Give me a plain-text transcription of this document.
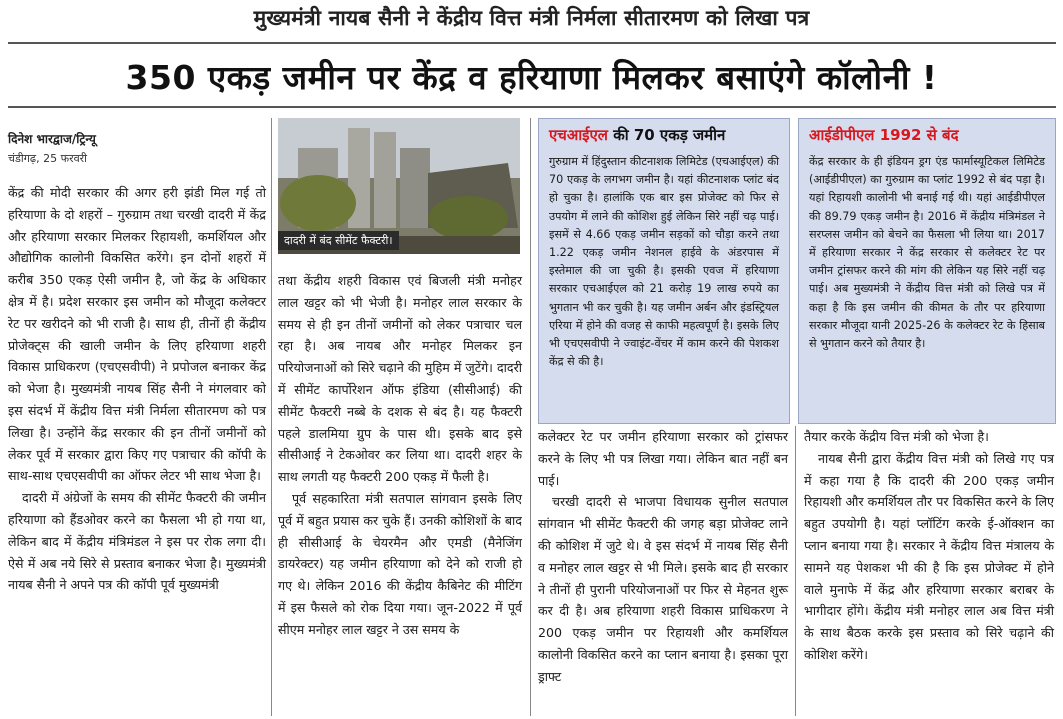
मुख्यमंत्री नायब सैनी ने केंद्रीय वित्त मंत्री निर्मला सीतारमण को लिखा पत्र
350 एकड़ जमीन पर केंद्र व हरियाणा मिलकर बसाएंगे कॉलोनी !
दिनेश भारद्वाज/ट्रिन्यू
चंडीगढ़, 25 फरवरी

केंद्र की मोदी सरकार की अगर हरी झंडी मिल गई तो हरियाणा के दो शहरों – गुरुग्राम तथा चरखी दादरी में केंद्र और हरियाणा सरकार मिलकर रिहायशी, कमर्शियल और औद्योगिक कालोनी विकसित करेंगे। इन दोनों शहरों में करीब 350 एकड़ ऐसी जमीन है, जो केंद्र के अधिकार क्षेत्र में है। प्रदेश सरकार इस जमीन को मौजूदा कलेक्टर रेट पर खरीदने को भी राजी है। साथ ही, तीनों ही केंद्रीय प्रोजेक्ट्स की खाली जमीन के लिए हरियाणा शहरी विकास प्राधिकरण (एचएसवीपी) ने प्रपोजल बनाकर केंद्र को भेजा है। मुख्यमंत्री नायब सिंह सैनी ने मंगलवार को इस संदर्भ में केंद्रीय वित्त मंत्री निर्मला सीतारमण को पत्र लिखा है। उन्होंने केंद्र सरकार की इन तीनों जमीनों को लेकर पूर्व में सरकार द्वारा किए गए पत्राचार की कॉपी के साथ-साथ एचएसवीपी का ऑफर लेटर भी साथ भेजा है।

दादरी में अंग्रेजों के समय की सीमेंट फैक्टरी की जमीन हरियाणा को हैंडओवर करने का फैसला भी हो गया था, लेकिन बाद में केंद्रीय मंत्रिमंडल ने इस पर रोक लगा दी। ऐसे में अब नये सिरे से प्रस्ताव बनाकर भेजा है। मुख्यमंत्री नायब सैनी ने अपने पत्र की कॉपी पूर्व मुख्यमंत्री

दादरी में बंद सीमेंट फैक्टरी।

तथा केंद्रीय शहरी विकास एवं बिजली मंत्री मनोहर लाल खट्टर को भी भेजी है। मनोहर लाल सरकार के समय से ही इन तीनों जमीनों को लेकर पत्राचार चल रहा है। अब नायब और मनोहर मिलकर इन परियोजनाओं को सिरे चढ़ाने की मुहिम में जुटेंगे। दादरी में सीमेंट कार्पोरेशन ऑफ इंडिया (सीसीआई) की सीमेंट फैक्टरी नब्बे के दशक से बंद है। यह फैक्टरी पहले डालमिया ग्रुप के पास थी। इसके बाद इसे सीसीआई ने टेकओवर कर लिया था। दादरी शहर के साथ लगती यह फैक्टरी 200 एकड़ में फैली है।

पूर्व सहकारिता मंत्री सतपाल सांगवान इसके लिए पूर्व में बहुत प्रयास कर चुके हैं। उनकी कोशिशों के बाद ही सीसीआई के चेयरमैन और एमडी (मैनेजिंग डायरेक्टर) यह जमीन हरियाणा को देने को राजी हो गए थे। लेकिन 2016 की केंद्रीय कैबिनेट की मीटिंग में इस फैसले को रोक दिया गया। जून-2022 में पूर्व सीएम मनोहर लाल खट्टर ने उस समय के

एचआईएल की 70 एकड़ जमीन
गुरुग्राम में हिंदुस्तान कीटनाशक लिमिटेड (एचआईएल) की 70 एकड़ के लगभग जमीन है। यहां कीटनाशक प्लांट बंद हो चुका है। हालांकि एक बार इस प्रोजेक्ट को फिर से उपयोग में लाने की कोशिश हुई लेकिन सिरे नहीं चढ़ पाई। इसमें से 4.66 एकड़ जमीन सड़कों को चौड़ा करने तथा 1.22 एकड़ जमीन नेशनल हाईवे के अंडरपास में इस्तेमाल की जा चुकी है। इसकी एवज में हरियाणा सरकार एचआईएल को 21 करोड़ 19 लाख रुपये का भुगतान भी कर चुकी है। यह जमीन अर्बन और इंडस्ट्रियल एरिया में होने की वजह से काफी महत्वपूर्ण है। इसके लिए भी एचएसवीपी ने ज्वाइंट-वेंचर में काम करने की पेशकश केंद्र से की है।
आईडीपीएल 1992 से बंद
केंद्र सरकार के ही इंडियन ड्रग एंड फार्मास्यूटिकल लिमिटेड (आईडीपीएल) का गुरुग्राम का प्लांट 1992 से बंद पड़ा है। यहां रिहायशी कालोनी भी बनाई गई थी। यहां आईडीपीएल की 89.79 एकड़ जमीन है। 2016 में केंद्रीय मंत्रिमंडल ने सरप्लस जमीन को बेचने का फैसला भी लिया था। 2017 में हरियाणा सरकार ने केंद्र सरकार से कलेक्टर रेट पर जमीन ट्रांसफर करने की मांग की लेकिन यह सिरे नहीं चढ़ पाई। अब मुख्यमंत्री ने केंद्रीय वित्त मंत्री को लिखे पत्र में कहा है कि इस जमीन की कीमत के तौर पर हरियाणा सरकार मौजूदा यानी 2025-26 के कलेक्टर रेट के हिसाब से भुगतान करने को तैयार है।

कलेक्टर रेट पर जमीन हरियाणा सरकार को ट्रांसफर करने के लिए भी पत्र लिखा गया। लेकिन बात नहीं बन पाई।

चरखी दादरी से भाजपा विधायक सुनील सतपाल सांगवान भी सीमेंट फैक्टरी की जगह बड़ा प्रोजेक्ट लाने की कोशिश में जुटे थे। वे इस संदर्भ में नायब सिंह सैनी व मनोहर लाल खट्टर से भी मिले। इसके बाद ही सरकार ने तीनों ही पुरानी परियोजनाओं पर फिर से मेहनत शुरू कर दी है। अब हरियाणा शहरी विकास प्राधिकरण ने 200 एकड़ जमीन पर रिहायशी और कमर्शियल कालोनी विकसित करने का प्लान बनाया है। इसका पूरा ड्राफ्ट

तैयार करके केंद्रीय वित्त मंत्री को भेजा है।

नायब सैनी द्वारा केंद्रीय वित्त मंत्री को लिखे गए पत्र में कहा गया है कि दादरी की 200 एकड़ जमीन रिहायशी और कमर्शियल तौर पर विकसित करने के लिए बहुत उपयोगी है। यहां प्लॉटिंग करके ई-ऑक्शन का प्लान बनाया गया है। सरकार ने केंद्रीय वित्त मंत्रालय के सामने यह पेशकश भी की है कि इस प्रोजेक्ट में होने वाले मुनाफे में केंद्र और हरियाणा सरकार बराबर के भागीदार होंगे। केंद्रीय मंत्री मनोहर लाल अब वित्त मंत्री के साथ बैठक करके इस प्रस्ताव को सिरे चढ़ाने की कोशिश करेंगे।
